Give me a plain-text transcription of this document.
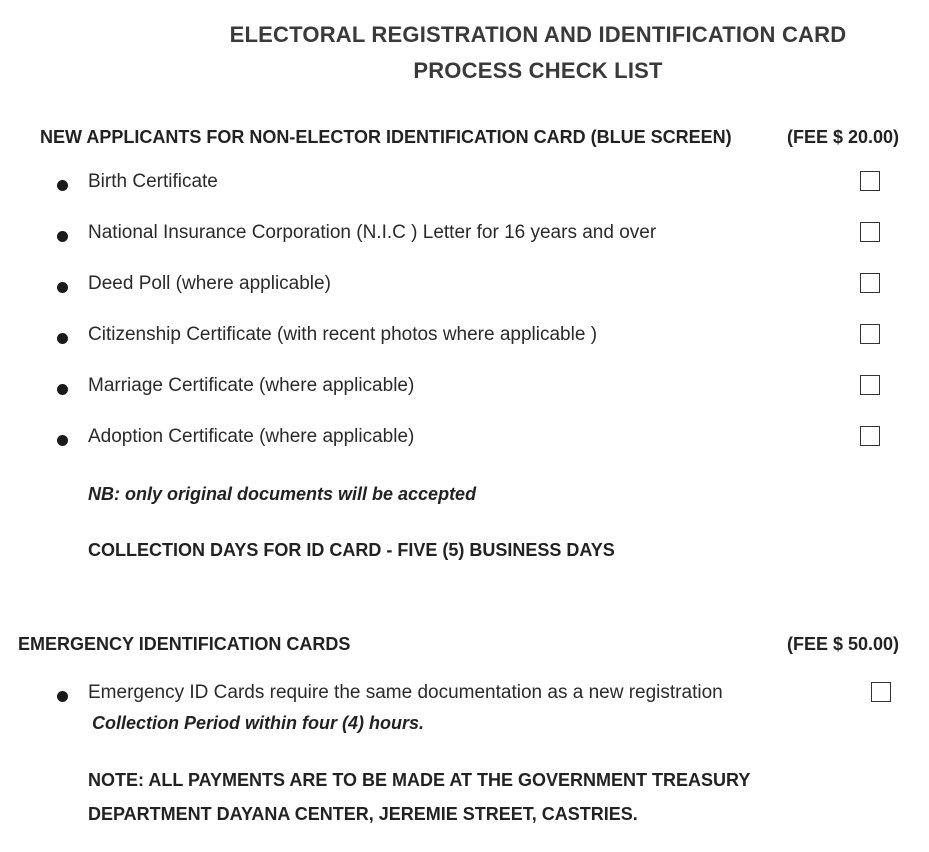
ELECTORAL REGISTRATION AND IDENTIFICATION CARD
PROCESS CHECK LIST
NEW APPLICANTS FOR NON-ELECTOR IDENTIFICATION CARD (BLUE SCREEN)	(FEE $ 20.00)
Birth Certificate
National Insurance Corporation (N.I.C ) Letter for 16 years and over
Deed Poll (where applicable)
Citizenship Certificate (with recent photos where applicable )
Marriage Certificate (where applicable)
Adoption Certificate (where applicable)
NB: only original documents will be accepted
COLLECTION DAYS FOR ID CARD - FIVE (5) BUSINESS DAYS
EMERGENCY IDENTIFICATION CARDS	(FEE $ 50.00)
Emergency ID Cards require the same documentation as a new registration
Collection Period within four (4) hours.
NOTE: ALL PAYMENTS ARE TO BE MADE AT THE GOVERNMENT TREASURY
DEPARTMENT DAYANA CENTER, JEREMIE STREET, CASTRIES.
